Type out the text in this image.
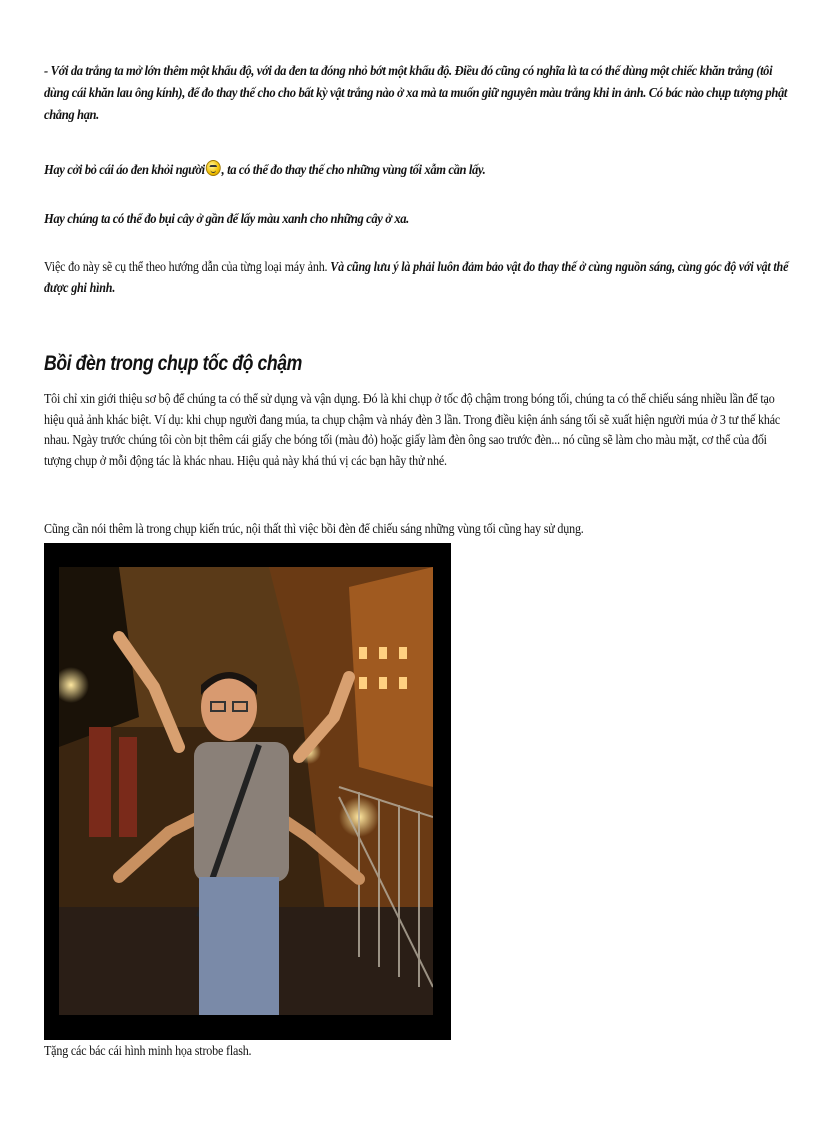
- Với da trắng ta mở lớn thêm một khẩu độ, với da đen ta đóng nhỏ bớt một khẩu độ. Điều đó cũng có nghĩa là ta có thể dùng một chiếc khăn trắng (tôi dùng cái khăn lau ông kính), để đo thay thế cho cho bất kỳ vật trắng nào ở xa mà ta muốn giữ nguyên màu trắng khi in ảnh. Có bác nào chụp tượng phật chẳng hạn.
Hay cởi bỏ cái áo đen khỏi người , ta có thể đo thay thế cho những vùng tối xẫm cần lấy.
Hay chúng ta có thể đo bụi cây ở gần để lấy màu xanh cho những cây ở xa.
Việc đo này sẽ cụ thể theo hướng dẫn của từng loại máy ảnh. Và cũng lưu ý là phải luôn đảm bảo vật đo thay thế ở cùng nguồn sáng, cùng góc độ với vật thể được ghi hình.
Bồi đèn trong chụp tốc độ chậm
Tôi chỉ xin giới thiệu sơ bộ để chúng ta có thể sử dụng và vận dụng. Đó là khi chụp ở tốc độ chậm trong bóng tối, chúng ta có thể chiếu sáng nhiều lần để tạo hiệu quả ảnh khác biệt. Ví dụ: khi chụp người đang múa, ta chụp chậm và nháy đèn 3 lần. Trong điều kiện ánh sáng tối sẽ xuất hiện người múa ở 3 tư thế khác nhau. Ngày trước chúng tôi còn bịt thêm cái giấy che bóng tối (màu đỏ) hoặc giấy làm đèn ông sao trước đèn... nó cũng sẽ làm cho màu mặt, cơ thể của đối tượng chụp ở mỗi động tác là khác nhau. Hiệu quả này khá thú vị các bạn hãy thử nhé.
Cũng cần nói thêm là trong chụp kiến trúc, nội thất thì việc bồi đèn để chiếu sáng những vùng tối cũng hay sử dụng.
Tặng các bác cái hình minh họa strobe flash.
